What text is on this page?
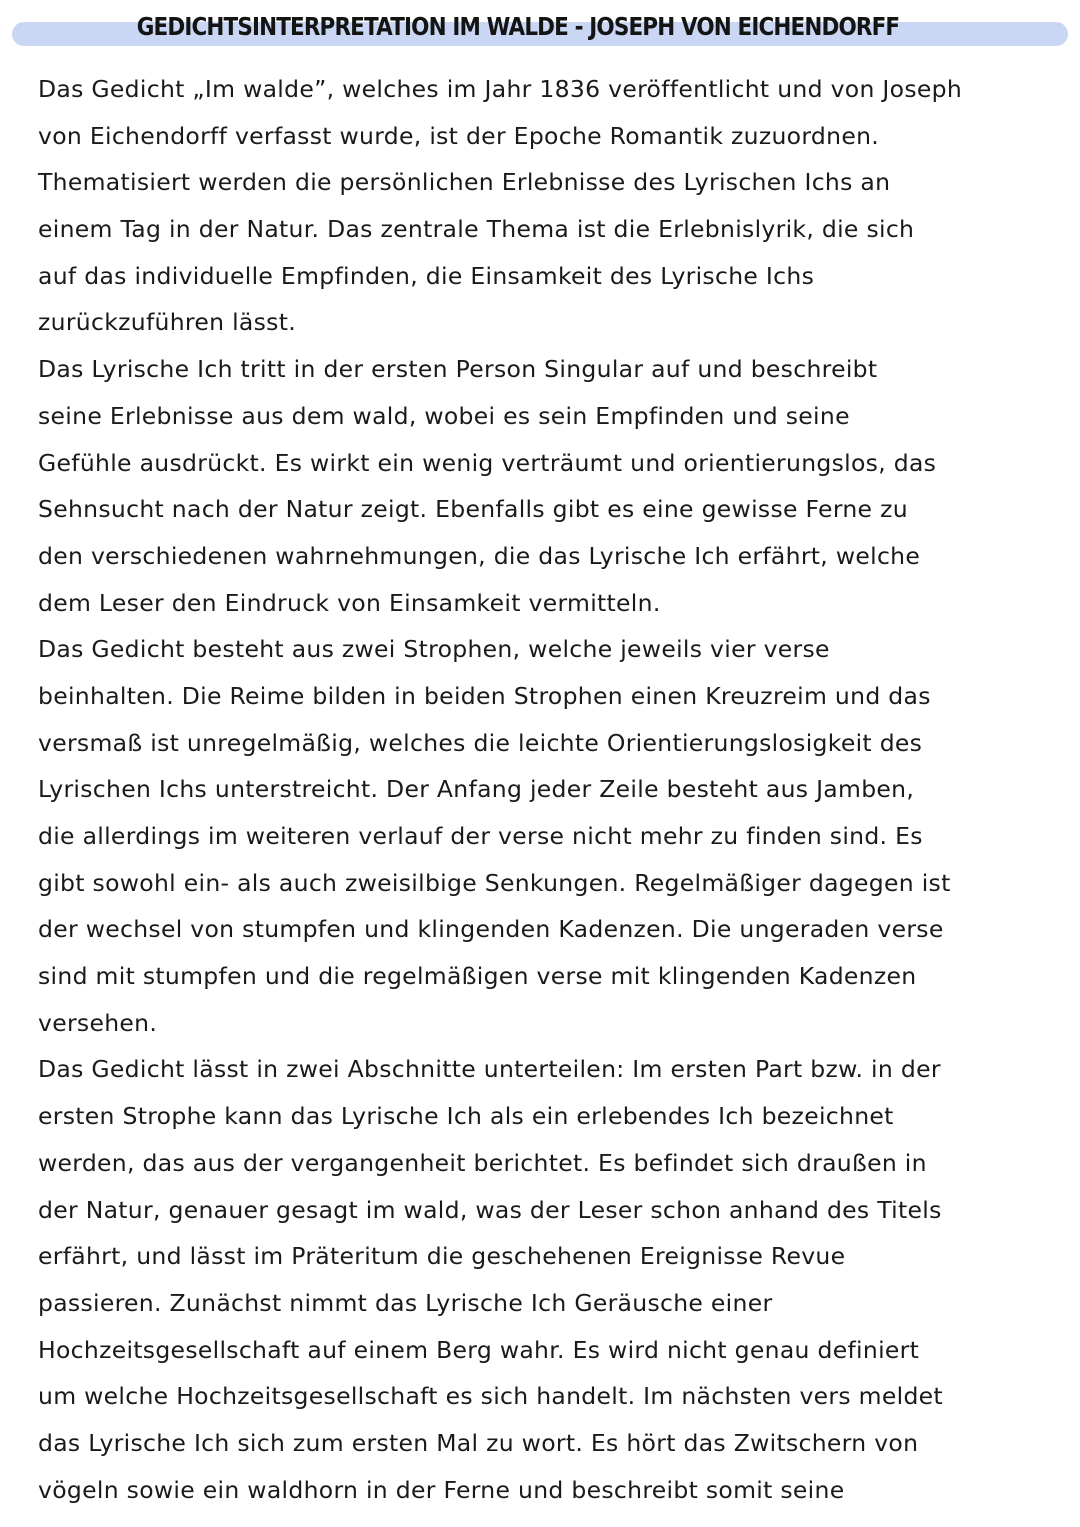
GEDICHTSINTERPRETATION IM WALDE - JOSEPH VON EICHENDORFF
Das Gedicht „Im walde”, welches im Jahr 1836 veröffentlicht und von Joseph
von Eichendorff verfasst wurde, ist der Epoche Romantik zuzuordnen.
Thematisiert werden die persönlichen Erlebnisse des Lyrischen Ichs an
einem Tag in der Natur. Das zentrale Thema ist die Erlebnislyrik, die sich
auf das individuelle Empfinden, die Einsamkeit des Lyrische Ichs
zurückzuführen lässt.
Das Lyrische Ich tritt in der ersten Person Singular auf und beschreibt
seine Erlebnisse aus dem wald, wobei es sein Empfinden und seine
Gefühle ausdrückt. Es wirkt ein wenig verträumt und orientierungslos, das
Sehnsucht nach der Natur zeigt. Ebenfalls gibt es eine gewisse Ferne zu
den verschiedenen wahrnehmungen, die das Lyrische Ich erfährt, welche
dem Leser den Eindruck von Einsamkeit vermitteln.
Das Gedicht besteht aus zwei Strophen, welche jeweils vier verse
beinhalten. Die Reime bilden in beiden Strophen einen Kreuzreim und das
versmaß ist unregelmäßig, welches die leichte Orientierungslosigkeit des
Lyrischen Ichs unterstreicht. Der Anfang jeder Zeile besteht aus Jamben,
die allerdings im weiteren verlauf der verse nicht mehr zu finden sind. Es
gibt sowohl ein- als auch zweisilbige Senkungen. Regelmäßiger dagegen ist
der wechsel von stumpfen und klingenden Kadenzen. Die ungeraden verse
sind mit stumpfen und die regelmäßigen verse mit klingenden Kadenzen
versehen.
Das Gedicht lässt in zwei Abschnitte unterteilen: Im ersten Part bzw. in der
ersten Strophe kann das Lyrische Ich als ein erlebendes Ich bezeichnet
werden, das aus der vergangenheit berichtet. Es befindet sich draußen in
der Natur, genauer gesagt im wald, was der Leser schon anhand des Titels
erfährt, und lässt im Präteritum die geschehenen Ereignisse Revue
passieren. Zunächst nimmt das Lyrische Ich Geräusche einer
Hochzeitsgesellschaft auf einem Berg wahr. Es wird nicht genau definiert
um welche Hochzeitsgesellschaft es sich handelt. Im nächsten vers meldet
das Lyrische Ich sich zum ersten Mal zu wort. Es hört das Zwitschern von
vögeln sowie ein waldhorn in der Ferne und beschreibt somit seine
